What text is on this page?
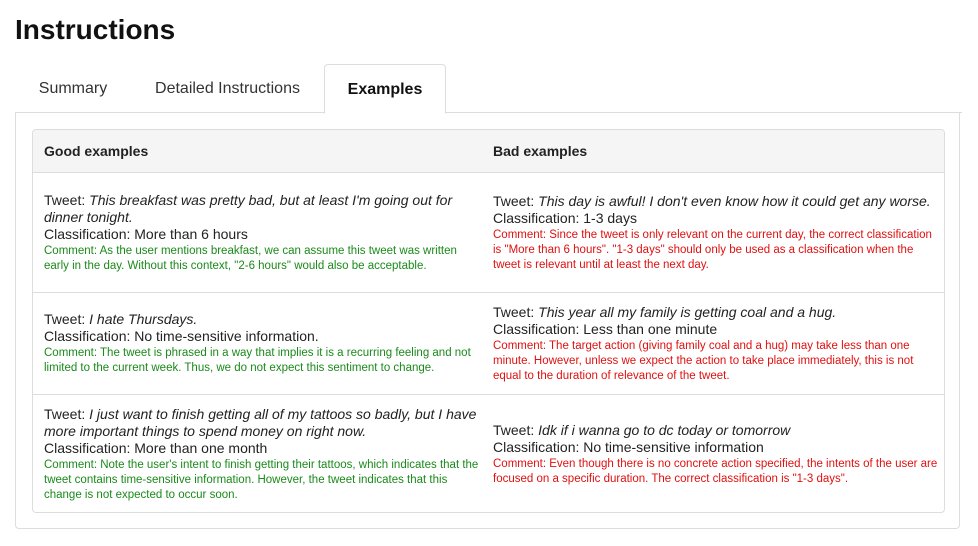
Instructions
Summary	Detailed Instructions	Examples
Good examples	Bad examples
Tweet: This breakfast was pretty bad, but at least I'm going out for dinner tonight.
Classification: More than 6 hours
Comment: As the user mentions breakfast, we can assume this tweet was written early in the day. Without this context, "2-6 hours" would also be acceptable.
Tweet: This day is awful! I don't even know how it could get any worse.
Classification: 1-3 days
Comment: Since the tweet is only relevant on the current day, the correct classification is "More than 6 hours". "1-3 days" should only be used as a classification when the tweet is relevant until at least the next day.
Tweet: I hate Thursdays.
Classification: No time-sensitive information.
Comment: The tweet is phrased in a way that implies it is a recurring feeling and not limited to the current week. Thus, we do not expect this sentiment to change.
Tweet: This year all my family is getting coal and a hug.
Classification: Less than one minute
Comment: The target action (giving family coal and a hug) may take less than one minute. However, unless we expect the action to take place immediately, this is not equal to the duration of relevance of the tweet.
Tweet: I just want to finish getting all of my tattoos so badly, but I have more important things to spend money on right now.
Classification: More than one month
Comment: Note the user's intent to finish getting their tattoos, which indicates that the tweet contains time-sensitive information. However, the tweet indicates that this change is not expected to occur soon.
Tweet: Idk if i wanna go to dc today or tomorrow
Classification: No time-sensitive information
Comment: Even though there is no concrete action specified, the intents of the user are focused on a specific duration. The correct classification is "1-3 days".
